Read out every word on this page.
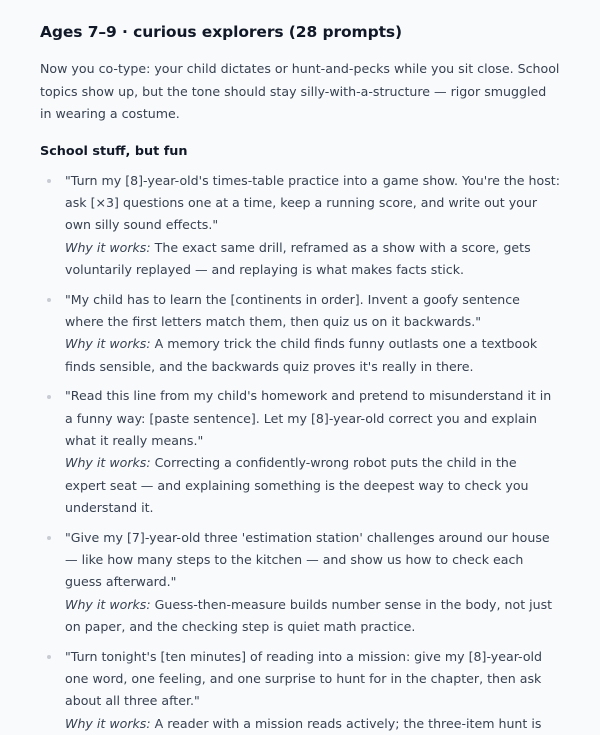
Ages 7–9 · curious explorers (28 prompts)

Now you co-type: your child dictates or hunt-and-pecks while you sit close. School topics show up, but the tone should stay silly-with-a-structure — rigor smuggled in wearing a costume.

School stuff, but fun
"Turn my [8]-year-old's times-table practice into a game show. You're the host: ask [×3] questions one at a time, keep a running score, and write out your own silly sound effects."
Why it works: The exact same drill, reframed as a show with a score, gets voluntarily replayed — and replaying is what makes facts stick.
"My child has to learn the [continents in order]. Invent a goofy sentence where the first letters match them, then quiz us on it backwards."
Why it works: A memory trick the child finds funny outlasts one a textbook finds sensible, and the backwards quiz proves it's really in there.
"Read this line from my child's homework and pretend to misunderstand it in a funny way: [paste sentence]. Let my [8]-year-old correct you and explain what it really means."
Why it works: Correcting a confidently-wrong robot puts the child in the expert seat — and explaining something is the deepest way to check you understand it.
"Give my [7]-year-old three 'estimation station' challenges around our house — like how many steps to the kitchen — and show us how to check each guess afterward."
Why it works: Guess-then-measure builds number sense in the body, not just on paper, and the checking step is quiet math practice.
"Turn tonight's [ten minutes] of reading into a mission: give my [8]-year-old one word, one feeling, and one surprise to hunt for in the chapter, then ask about all three after."
Why it works: A reader with a mission reads actively; the three-item hunt is
